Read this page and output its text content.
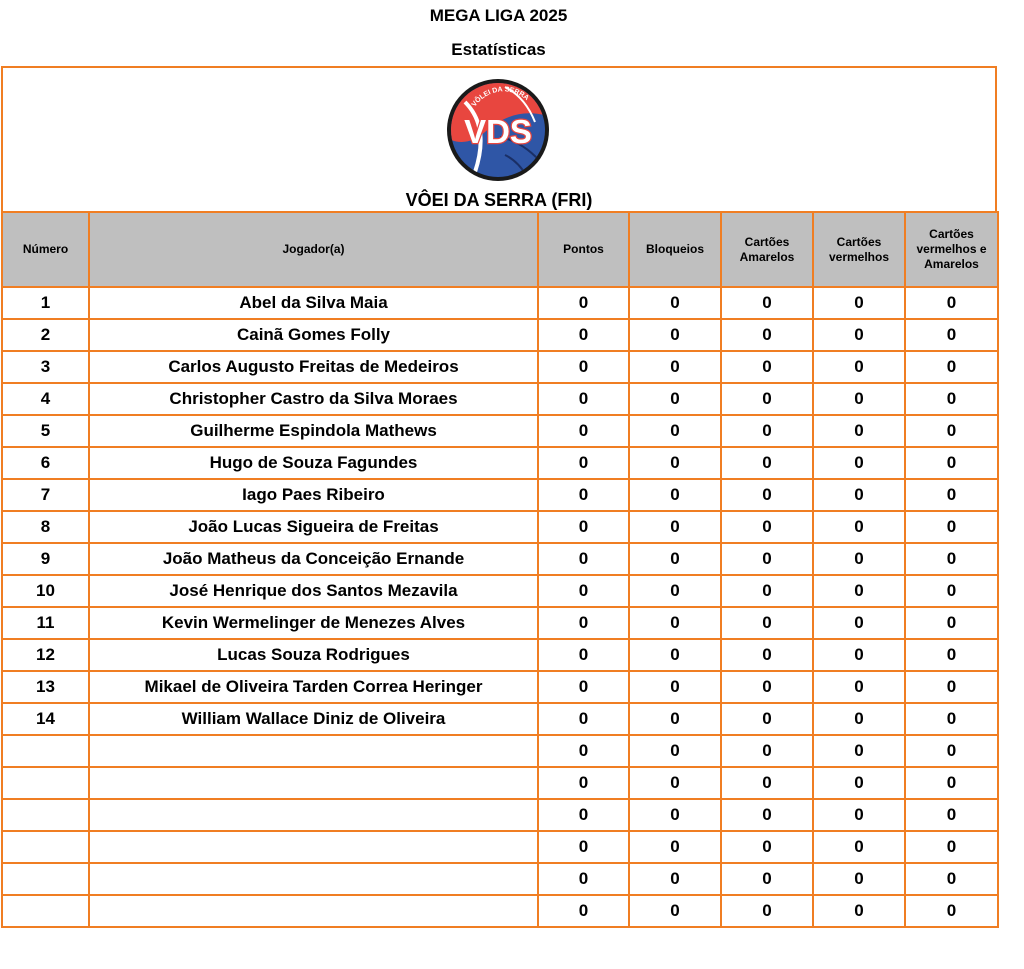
MEGA LIGA 2025
Estatísticas
VÔLEI DA SERRA
VDS
VÔEI DA SERRA (FRI)
Número	Jogador(a)	Pontos	Bloqueios	Cartões Amarelos	Cartões vermelhos	Cartões vermelhos e Amarelos
1	Abel da Silva Maia	0	0	0	0	0
2	Cainã Gomes Folly	0	0	0	0	0
3	Carlos Augusto Freitas de Medeiros	0	0	0	0	0
4	Christopher Castro da Silva Moraes	0	0	0	0	0
5	Guilherme Espindola Mathews	0	0	0	0	0
6	Hugo de Souza Fagundes	0	0	0	0	0
7	Iago Paes Ribeiro	0	0	0	0	0
8	João Lucas Sigueira de Freitas	0	0	0	0	0
9	João Matheus da Conceição Ernande	0	0	0	0	0
10	José Henrique dos Santos Mezavila	0	0	0	0	0
11	Kevin Wermelinger de Menezes Alves	0	0	0	0	0
12	Lucas Souza Rodrigues	0	0	0	0	0
13	Mikael de Oliveira Tarden Correa Heringer	0	0	0	0	0
14	William Wallace Diniz de Oliveira	0	0	0	0	0
		0	0	0	0	0
		0	0	0	0	0
		0	0	0	0	0
		0	0	0	0	0
		0	0	0	0	0
		0	0	0	0	0
